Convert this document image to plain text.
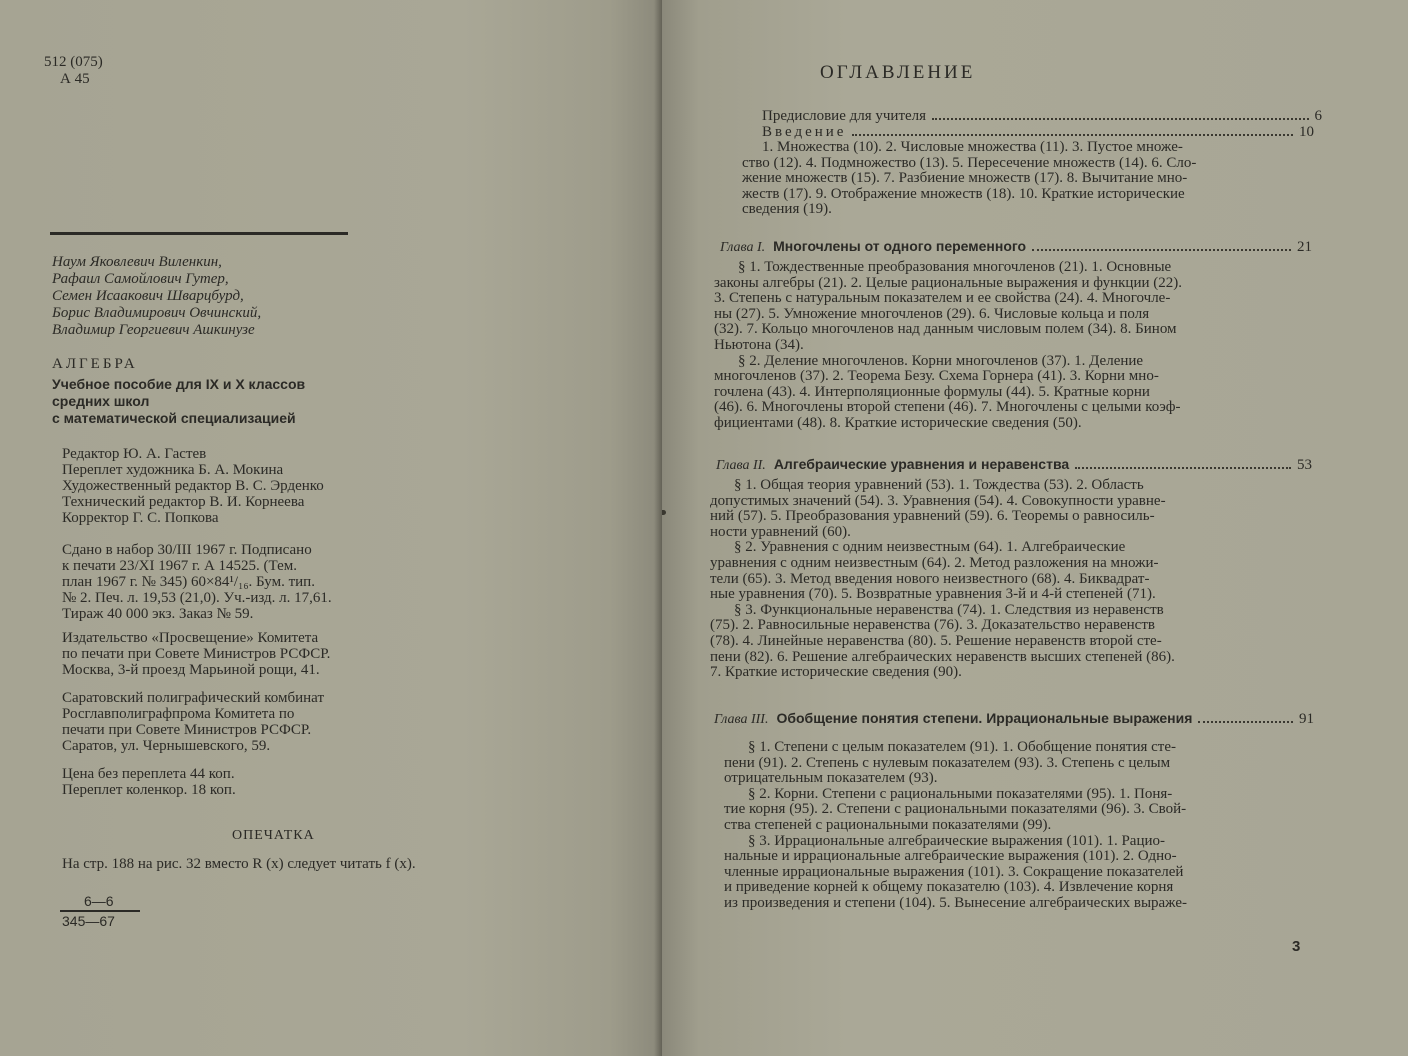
512 (075)
А 45
Наум Яковлевич Виленкин,
Рафаил Самойлович Гутер,
Семен Исаакович Шварцбурд,
Борис Владимирович Овчинский,
Владимир Георгиевич Ашкинузе
АЛГЕБРА
Учебное пособие для IX и X классов
средних школ
с математической специализацией
Редактор Ю. А. Гастев
Переплет художника Б. А. Мокина
Художественный редактор В. С. Эрденко
Технический редактор В. И. Корнеева
Корректор Г. С. Попкова
Сдано в набор 30/III 1967 г. Подписано
к печати 23/XI 1967 г. А 14525. (Тем.
план 1967 г. № 345) 60×84¹/₁₆. Бум. тип.
№ 2. Печ. л. 19,53 (21,0). Уч.-изд. л. 17,61.
Тираж 40 000 экз. Заказ № 59.
Издательство «Просвещение» Комитета
по печати при Совете Министров РСФСР.
Москва, 3-й проезд Марьиной рощи, 41.
Саратовский полиграфический комбинат
Росглавполиграфпрома Комитета по
печати при Совете Министров РСФСР.
Саратов, ул. Чернышевского, 59.
Цена без переплета 44 коп.
Переплет коленкор. 18 коп.
ОПЕЧАТКА
На стр. 188 на рис. 32 вместо R (x) следует читать f (x).
6—6
345—67
ОГЛАВЛЕНИЕ
Предисловие для учителя	6
Введение	10
1. Множества (10). 2. Числовые множества (11). 3. Пустое множе-
ство (12). 4. Подмножество (13). 5. Пересечение множеств (14). 6. Сло-
жение множеств (15). 7. Разбиение множеств (17). 8. Вычитание мно-
жеств (17). 9. Отображение множеств (18). 10. Краткие исторические
сведения (19).
Глава I. Многочлены от одного переменного	21
§ 1. Тождественные преобразования многочленов (21). 1. Основные
законы алгебры (21). 2. Целые рациональные выражения и функции (22).
3. Степень с натуральным показателем и ее свойства (24). 4. Многочле-
ны (27). 5. Умножение многочленов (29). 6. Числовые кольца и поля
(32). 7. Кольцо многочленов над данным числовым полем (34). 8. Бином
Ньютона (34).
§ 2. Деление многочленов. Корни многочленов (37). 1. Деление
многочленов (37). 2. Теорема Безу. Схема Горнера (41). 3. Корни мно-
гочлена (43). 4. Интерполяционные формулы (44). 5. Кратные корни
(46). 6. Многочлены второй степени (46). 7. Многочлены с целыми коэф-
фициентами (48). 8. Краткие исторические сведения (50).
Глава II. Алгебраические уравнения и неравенства	53
§ 1. Общая теория уравнений (53). 1. Тождества (53). 2. Область
допустимых значений (54). 3. Уравнения (54). 4. Совокупности уравне-
ний (57). 5. Преобразования уравнений (59). 6. Теоремы о равносиль-
ности уравнений (60).
§ 2. Уравнения с одним неизвестным (64). 1. Алгебраические
уравнения с одним неизвестным (64). 2. Метод разложения на множи-
тели (65). 3. Метод введения нового неизвестного (68). 4. Биквадрат-
ные уравнения (70). 5. Возвратные уравнения 3-й и 4-й степеней (71).
§ 3. Функциональные неравенства (74). 1. Следствия из неравенств
(75). 2. Равносильные неравенства (76). 3. Доказательство неравенств
(78). 4. Линейные неравенства (80). 5. Решение неравенств второй сте-
пени (82). 6. Решение алгебраических неравенств высших степеней (86).
7. Краткие исторические сведения (90).
Глава III. Обобщение понятия степени. Иррациональные выражения	91
§ 1. Степени с целым показателем (91). 1. Обобщение понятия сте-
пени (91). 2. Степень с нулевым показателем (93). 3. Степень с целым
отрицательным показателем (93).
§ 2. Корни. Степени с рациональными показателями (95). 1. Поня-
тие корня (95). 2. Степени с рациональными показателями (96). 3. Свой-
ства степеней с рациональными показателями (99).
§ 3. Иррациональные алгебраические выражения (101). 1. Рацио-
нальные и иррациональные алгебраические выражения (101). 2. Одно-
членные иррациональные выражения (101). 3. Сокращение показателей
и приведение корней к общему показателю (103). 4. Извлечение корня
из произведения и степени (104). 5. Вынесение алгебраических выраже-
3
